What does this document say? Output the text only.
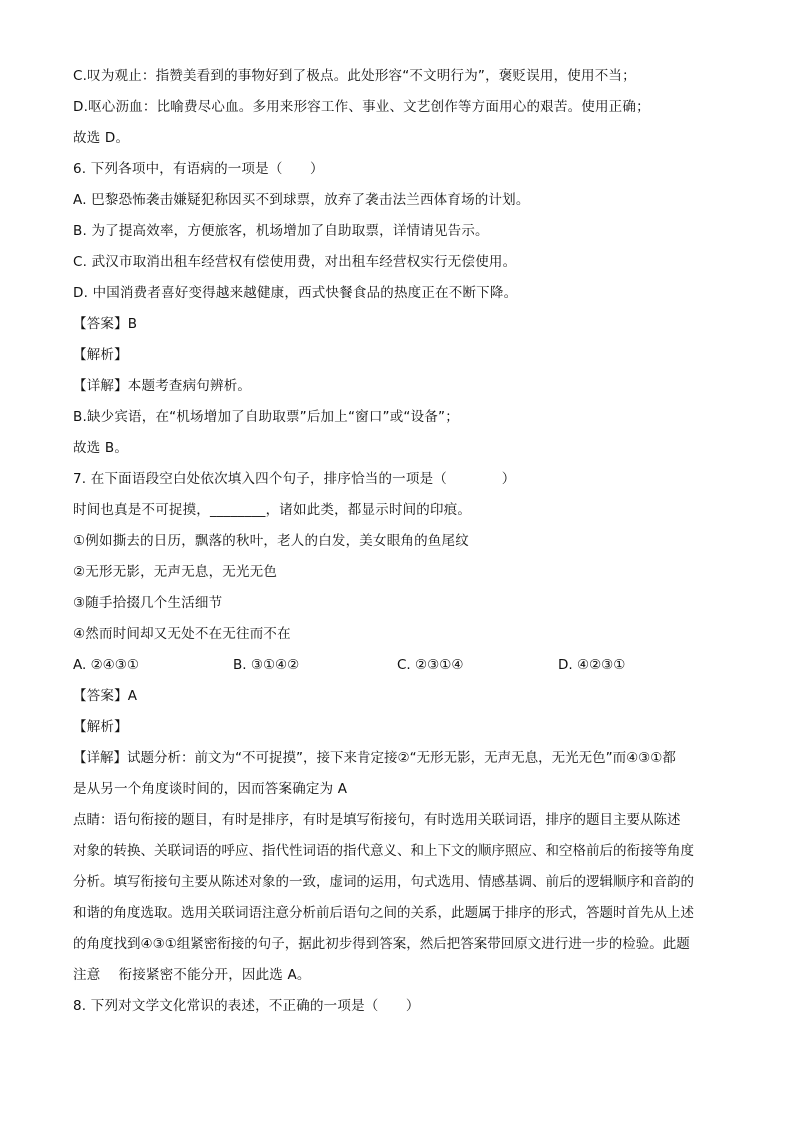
C.叹为观止：指赞美看到的事物好到了极点。此处形容“不文明行为”，褒贬误用，使用不当；
D.呕心沥血：比喻费尽心血。多用来形容工作、事业、文艺创作等方面用心的艰苦。使用正确；
故选 D。
6. 下列各项中，有语病的一项是（　　）
A. 巴黎恐怖袭击嫌疑犯称因买不到球票，放弃了袭击法兰西体育场的计划。
B. 为了提高效率，方便旅客，机场增加了自助取票，详情请见告示。
C. 武汉市取消出租车经营权有偿使用费，对出租车经营权实行无偿使用。
D. 中国消费者喜好变得越来越健康，西式快餐食品的热度正在不断下降。
【答案】B
【解析】
【详解】本题考查病句辨析。
B.缺少宾语，在“机场增加了自助取票”后加上“窗口”或“设备”；
故选 B。
7. 在下面语段空白处依次填入四个句子，排序恰当的一项是（　　　　）
时间也真是不可捉摸，________，诸如此类，都显示时间的印痕。
①例如撕去的日历，飘落的秋叶，老人的白发，美女眼角的鱼尾纹
②无形无影，无声无息，无光无色
③随手拾掇几个生活细节
④然而时间却又无处不在无往而不在
A. ②④③①	B. ③①④②	C. ②③①④	D. ④②③①
【答案】A
【解析】
【详解】试题分析：前文为“不可捉摸”，接下来肯定接②“无形无影，无声无息，无光无色”而④③①都
是从另一个角度谈时间的，因而答案确定为 A
点睛：语句衔接的题目，有时是排序，有时是填写衔接句，有时选用关联词语，排序的题目主要从陈述
对象的转换、关联词语的呼应、指代性词语的指代意义、和上下文的顺序照应、和空格前后的衔接等角度
分析。填写衔接句主要从陈述对象的一致，虚词的运用，句式选用、情感基调、前后的逻辑顺序和音韵的
和谐的角度选取。选用关联词语注意分析前后语句之间的关系，此题属于排序的形式，答题时首先从上述
的角度找到④③①组紧密衔接的句子，据此初步得到答案，然后把答案带回原文进行进一步的检验。此题
注意　 衔接紧密不能分开，因此选 A。
8. 下列对文学文化常识的表述，不正确的一项是（　　）
